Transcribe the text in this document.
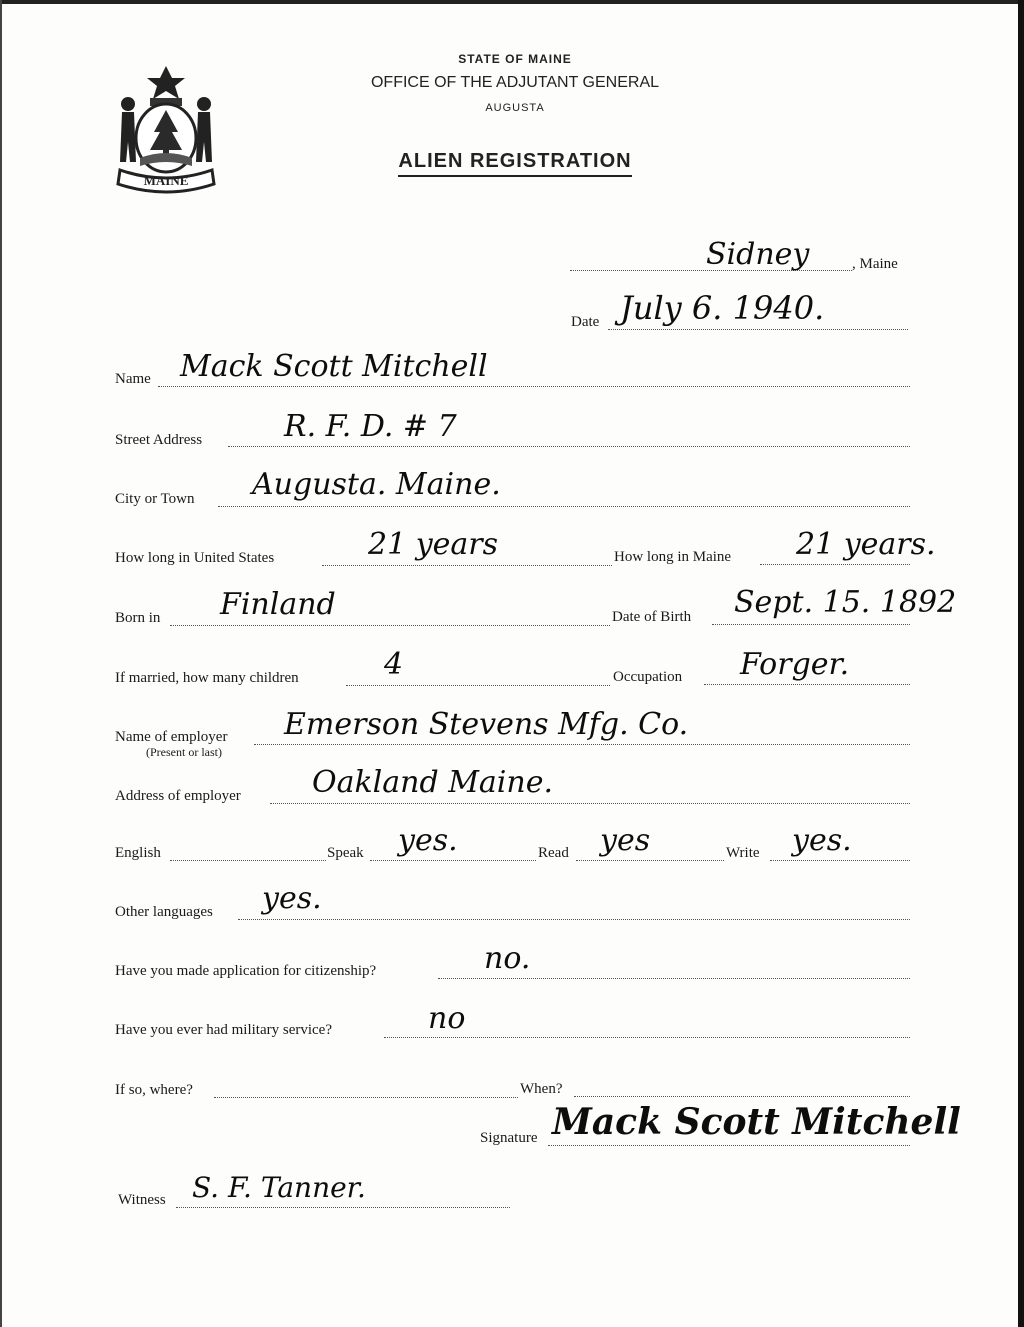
MAINE
STATE OF MAINE
OFFICE OF THE ADJUTANT GENERAL
AUGUSTA
ALIEN REGISTRATION
Sidney	, Maine
Date July 6. 1940.
Name Mack Scott Mitchell
Street Address	R. F. D. # 7
City or Town Augusta. Maine.
How long in United States	21 years	How long in Maine 21 years.
Born in Finland	Date of Birth Sept. 15. 1892
If married, how many children	4	Occupation Forger.
Name of employer
(Present or last)
Emerson Stevens Mfg. Co.
Address of employer Oakland Maine.
English	Speak yes.	Read yes	Write yes.
Other languages yes.
Have you made application for citizenship?	no.
Have you ever had military service?	no
If so, where?	When?
Signature Mack Scott Mitchell
Witness S. F. Tanner.
